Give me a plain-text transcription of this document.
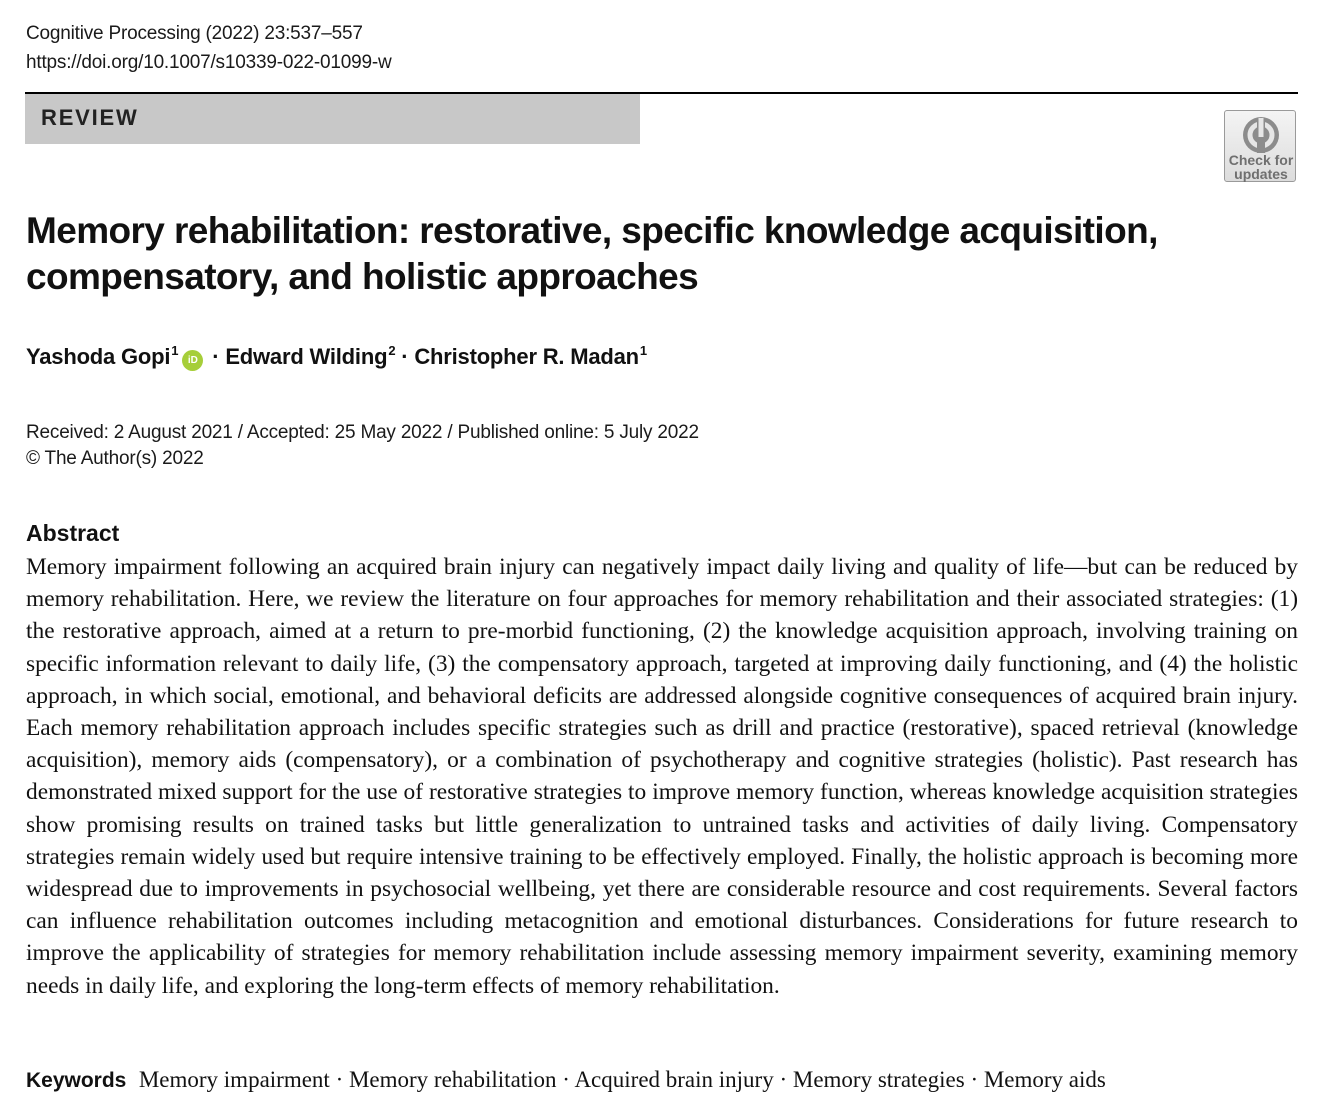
Cognitive Processing (2022) 23:537–557
https://doi.org/10.1007/s10339-022-01099-w
REVIEW
Check for
updates
Memory rehabilitation: restorative, specific knowledge acquisition, compensatory, and holistic approaches
Yashoda Gopi$^1$iD · Edward Wilding$^2$ · Christopher R. Madan$^1$
Received: 2 August 2021 / Accepted: 25 May 2022 / Published online: 5 July 2022
© The Author(s) 2022
Abstract

Memory impairment following an acquired brain injury can negatively impact daily living and quality of life—but can be reduced by memory rehabilitation. Here, we review the literature on four approaches for memory rehabilitation and their associated strategies: (1) the restorative approach, aimed at a return to pre-morbid functioning, (2) the knowledge acquisition approach, involving training on specific information relevant to daily life, (3) the compensatory approach, targeted at improving daily functioning, and (4) the holistic approach, in which social, emotional, and behavioral deficits are addressed alongside cognitive consequences of acquired brain injury. Each memory rehabilitation approach includes specific strategies such as drill and practice (restorative), spaced retrieval (knowledge acquisition), memory aids (compensatory), or a combination of psychotherapy and cognitive strategies (holistic). Past research has demonstrated mixed support for the use of restorative strategies to improve memory function, whereas knowledge acquisition strategies show promising results on trained tasks but little generalization to untrained tasks and activities of daily living. Compensatory strategies remain widely used but require intensive training to be effectively employed. Finally, the holistic approach is becoming more widespread due to improvements in psychosocial wellbeing, yet there are considerable resource and cost requirements. Several factors can influence rehabilitation outcomes including metacognition and emotional disturbances. Considerations for future research to improve the applicability of strategies for memory rehabilitation include assessing memory impairment severity, examining memory needs in daily life, and exploring the long-term effects of memory rehabilitation.

Keywords Memory impairment · Memory rehabilitation · Acquired brain injury · Memory strategies · Memory aids
